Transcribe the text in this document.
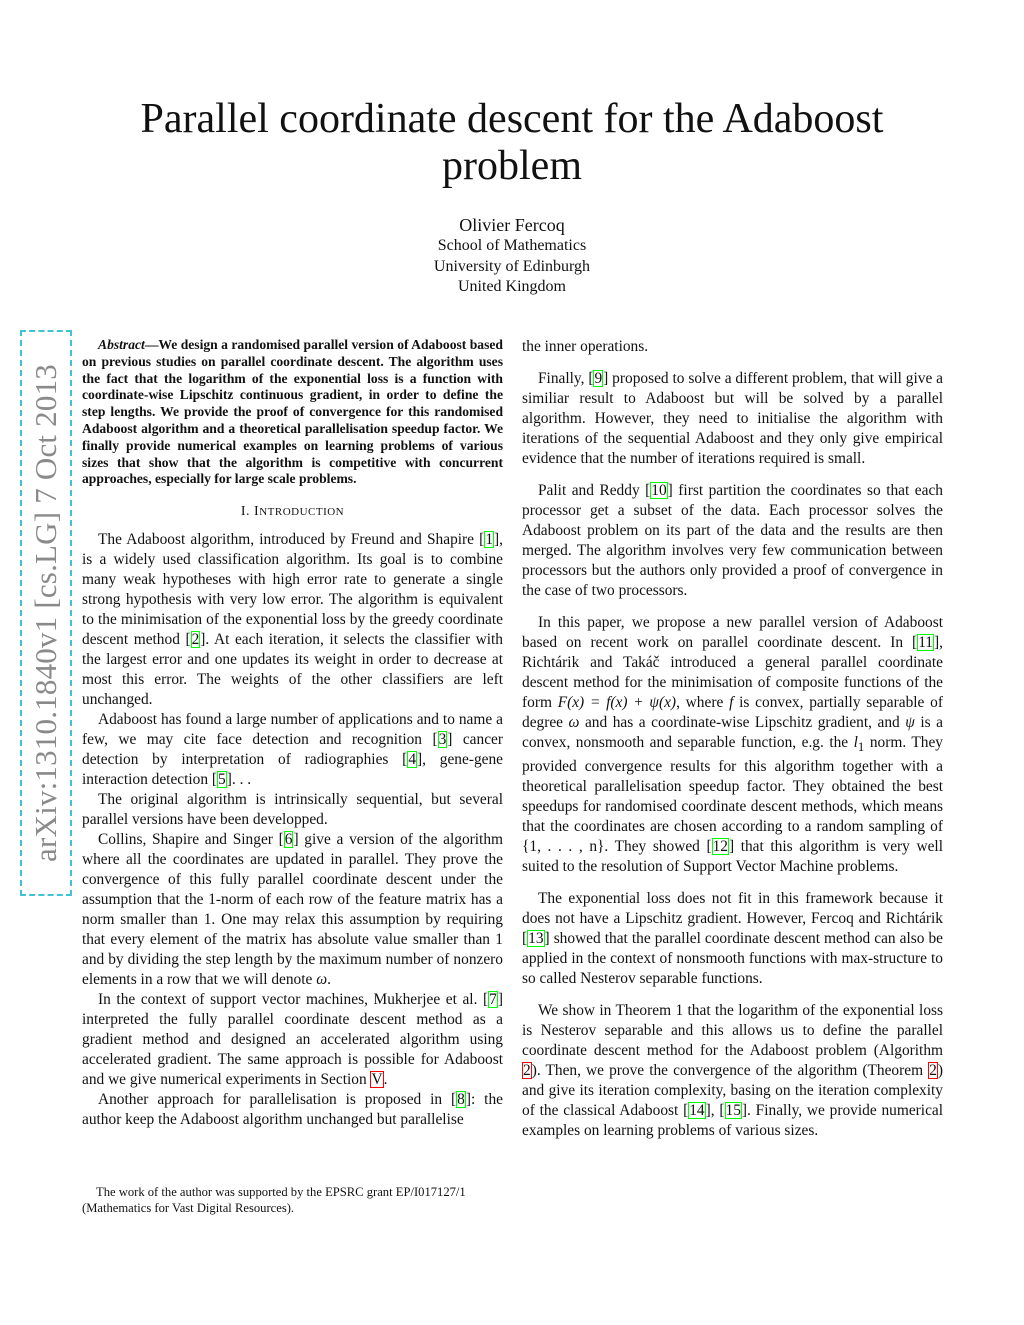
arXiv:1310.1840v1 [cs.LG] 7 Oct 2013
Parallel coordinate descent for the Adaboost problem
Olivier Fercoq
School of Mathematics
University of Edinburgh
United Kingdom

Abstract—We design a randomised parallel version of Adaboost based on previous studies on parallel coordinate descent. The algorithm uses the fact that the logarithm of the exponential loss is a function with coordinate-wise Lipschitz continuous gradient, in order to define the step lengths. We provide the proof of convergence for this randomised Adaboost algorithm and a theoretical parallelisation speedup factor. We finally provide numerical examples on learning problems of various sizes that show that the algorithm is competitive with concurrent approaches, especially for large scale problems.

I. INTRODUCTION

The Adaboost algorithm, introduced by Freund and Shapire [1], is a widely used classification algorithm. Its goal is to combine many weak hypotheses with high error rate to generate a single strong hypothesis with very low error. The algorithm is equivalent to the minimisation of the exponential loss by the greedy coordinate descent method [2]. At each iteration, it selects the classifier with the largest error and one updates its weight in order to decrease at most this error. The weights of the other classifiers are left unchanged.

Adaboost has found a large number of applications and to name a few, we may cite face detection and recognition [3] cancer detection by interpretation of radiographies [4], gene-gene interaction detection [5]. . .

The original algorithm is intrinsically sequential, but several parallel versions have been developped.

Collins, Shapire and Singer [6] give a version of the algorithm where all the coordinates are updated in parallel. They prove the convergence of this fully parallel coordinate descent under the assumption that the 1-norm of each row of the feature matrix has a norm smaller than 1. One may relax this assumption by requiring that every element of the matrix has absolute value smaller than 1 and by dividing the step length by the maximum number of nonzero elements in a row that we will denote ω.

In the context of support vector machines, Mukherjee et al. [7] interpreted the fully parallel coordinate descent method as a gradient method and designed an accelerated algorithm using accelerated gradient. The same approach is possible for Adaboost and we give numerical experiments in Section V.

Another approach for parallelisation is proposed in [8]: the author keep the Adaboost algorithm unchanged but parallelise

The work of the author was supported by the EPSRC grant EP/I017127/1 (Mathematics for Vast Digital Resources).

the inner operations.

Finally, [9] proposed to solve a different problem, that will give a similiar result to Adaboost but will be solved by a parallel algorithm. However, they need to initialise the algorithm with iterations of the sequential Adaboost and they only give empirical evidence that the number of iterations required is small.

Palit and Reddy [10] first partition the coordinates so that each processor get a subset of the data. Each processor solves the Adaboost problem on its part of the data and the results are then merged. The algorithm involves very few communication between processors but the authors only provided a proof of convergence in the case of two processors.

In this paper, we propose a new parallel version of Adaboost based on recent work on parallel coordinate descent. In [11], Richtárik and Takáč introduced a general parallel coordinate descent method for the minimisation of composite functions of the form F(x) = f(x) + ψ(x), where f is convex, partially separable of degree ω and has a coordinate-wise Lipschitz gradient, and ψ is a convex, nonsmooth and separable function, e.g. the $l_1$ norm. They provided convergence results for this algorithm together with a theoretical parallelisation speedup factor. They obtained the best speedups for randomised coordinate descent methods, which means that the coordinates are chosen according to a random sampling of {1, . . . , n}. They showed [12] that this algorithm is very well suited to the resolution of Support Vector Machine problems.

The exponential loss does not fit in this framework because it does not have a Lipschitz gradient. However, Fercoq and Richtárik [13] showed that the parallel coordinate descent method can also be applied in the context of nonsmooth functions with max-structure to so called Nesterov separable functions.

We show in Theorem 1 that the logarithm of the exponential loss is Nesterov separable and this allows us to define the parallel coordinate descent method for the Adaboost problem (Algorithm 2). Then, we prove the convergence of the algorithm (Theorem 2) and give its iteration complexity, basing on the iteration complexity of the classical Adaboost [14], [15]. Finally, we provide numerical examples on learning problems of various sizes.
